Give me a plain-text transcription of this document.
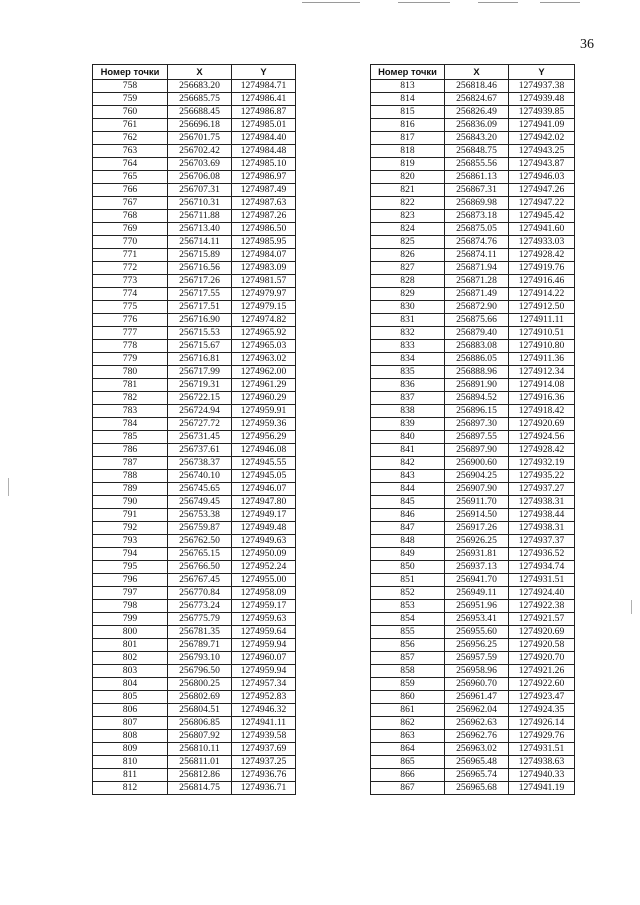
36
Номер точки	X	Y
758	256683.20	1274984.71
759	256685.75	1274986.41
760	256688.45	1274986.87
761	256696.18	1274985.01
762	256701.75	1274984.40
763	256702.42	1274984.48
764	256703.69	1274985.10
765	256706.08	1274986.97
766	256707.31	1274987.49
767	256710.31	1274987.63
768	256711.88	1274987.26
769	256713.40	1274986.50
770	256714.11	1274985.95
771	256715.89	1274984.07
772	256716.56	1274983.09
773	256717.26	1274981.57
774	256717.55	1274979.97
775	256717.51	1274979.15
776	256716.90	1274974.82
777	256715.53	1274965.92
778	256715.67	1274965.03
779	256716.81	1274963.02
780	256717.99	1274962.00
781	256719.31	1274961.29
782	256722.15	1274960.29
783	256724.94	1274959.91
784	256727.72	1274959.36
785	256731.45	1274956.29
786	256737.61	1274946.08
787	256738.37	1274945.55
788	256740.10	1274945.05
789	256745.65	1274946.07
790	256749.45	1274947.80
791	256753.38	1274949.17
792	256759.87	1274949.48
793	256762.50	1274949.63
794	256765.15	1274950.09
795	256766.50	1274952.24
796	256767.45	1274955.00
797	256770.84	1274958.09
798	256773.24	1274959.17
799	256775.79	1274959.63
800	256781.35	1274959.64
801	256789.71	1274959.94
802	256793.10	1274960.07
803	256796.50	1274959.94
804	256800.25	1274957.34
805	256802.69	1274952.83
806	256804.51	1274946.32
807	256806.85	1274941.11
808	256807.92	1274939.58
809	256810.11	1274937.69
810	256811.01	1274937.25
811	256812.86	1274936.76
812	256814.75	1274936.71
Номер точки	X	Y
813	256818.46	1274937.38
814	256824.67	1274939.48
815	256826.49	1274939.85
816	256836.09	1274941.09
817	256843.20	1274942.02
818	256848.75	1274943.25
819	256855.56	1274943.87
820	256861.13	1274946.03
821	256867.31	1274947.26
822	256869.98	1274947.22
823	256873.18	1274945.42
824	256875.05	1274941.60
825	256874.76	1274933.03
826	256874.11	1274928.42
827	256871.94	1274919.76
828	256871.28	1274916.46
829	256871.49	1274914.22
830	256872.90	1274912.50
831	256875.66	1274911.11
832	256879.40	1274910.51
833	256883.08	1274910.80
834	256886.05	1274911.36
835	256888.96	1274912.34
836	256891.90	1274914.08
837	256894.52	1274916.36
838	256896.15	1274918.42
839	256897.30	1274920.69
840	256897.55	1274924.56
841	256897.90	1274928.42
842	256900.60	1274932.19
843	256904.25	1274935.22
844	256907.90	1274937.27
845	256911.70	1274938.31
846	256914.50	1274938.44
847	256917.26	1274938.31
848	256926.25	1274937.37
849	256931.81	1274936.52
850	256937.13	1274934.74
851	256941.70	1274931.51
852	256949.11	1274924.40
853	256951.96	1274922.38
854	256953.41	1274921.57
855	256955.60	1274920.69
856	256956.25	1274920.58
857	256957.59	1274920.70
858	256958.96	1274921.26
859	256960.70	1274922.60
860	256961.47	1274923.47
861	256962.04	1274924.35
862	256962.63	1274926.14
863	256962.76	1274929.76
864	256963.02	1274931.51
865	256965.48	1274938.63
866	256965.74	1274940.33
867	256965.68	1274941.19
